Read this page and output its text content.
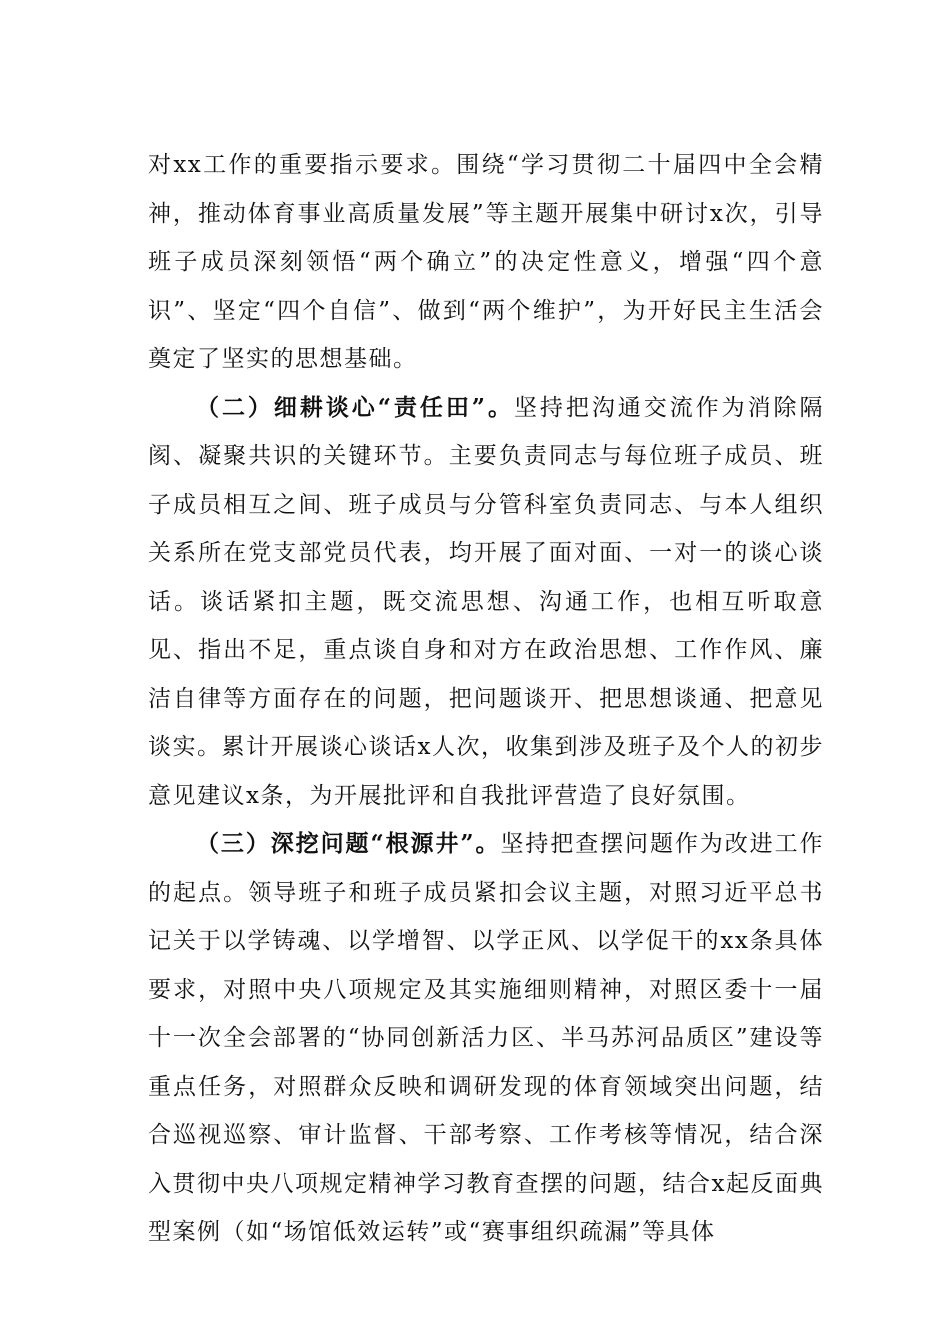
对xx工作的重要指示要求。围绕“学习贯彻二十届四中全会精神，推动体育事业高质量发展”等主题开展集中研讨x次，引导班子成员深刻领悟“两个确立”的决定性意义，增强“四个意识”、坚定“四个自信”、做到“两个维护”，为开好民主生活会奠定了坚实的思想基础。

（二）细耕谈心“责任田”。坚持把沟通交流作为消除隔阂、凝聚共识的关键环节。主要负责同志与每位班子成员、班子成员相互之间、班子成员与分管科室负责同志、与本人组织关系所在党支部党员代表，均开展了面对面、一对一的谈心谈话。谈话紧扣主题，既交流思想、沟通工作，也相互听取意见、指出不足，重点谈自身和对方在政治思想、工作作风、廉洁自律等方面存在的问题，把问题谈开、把思想谈通、把意见谈实。累计开展谈心谈话x人次，收集到涉及班子及个人的初步意见建议x条，为开展批评和自我批评营造了良好氛围。

（三）深挖问题“根源井”。坚持把查摆问题作为改进工作的起点。领导班子和班子成员紧扣会议主题，对照习近平总书记关于以学铸魂、以学增智、以学正风、以学促干的xx条具体要求，对照中央八项规定及其实施细则精神，对照区委十一届十一次全会部署的“协同创新活力区、半马苏河品质区”建设等重点任务，对照群众反映和调研发现的体育领域突出问题，结合巡视巡察、审计监督、干部考察、工作考核等情况，结合深入贯彻中央八项规定精神学习教育查摆的问题，结合x起反面典型案例（如“场馆低效运转”或“赛事组织疏漏”等具体
